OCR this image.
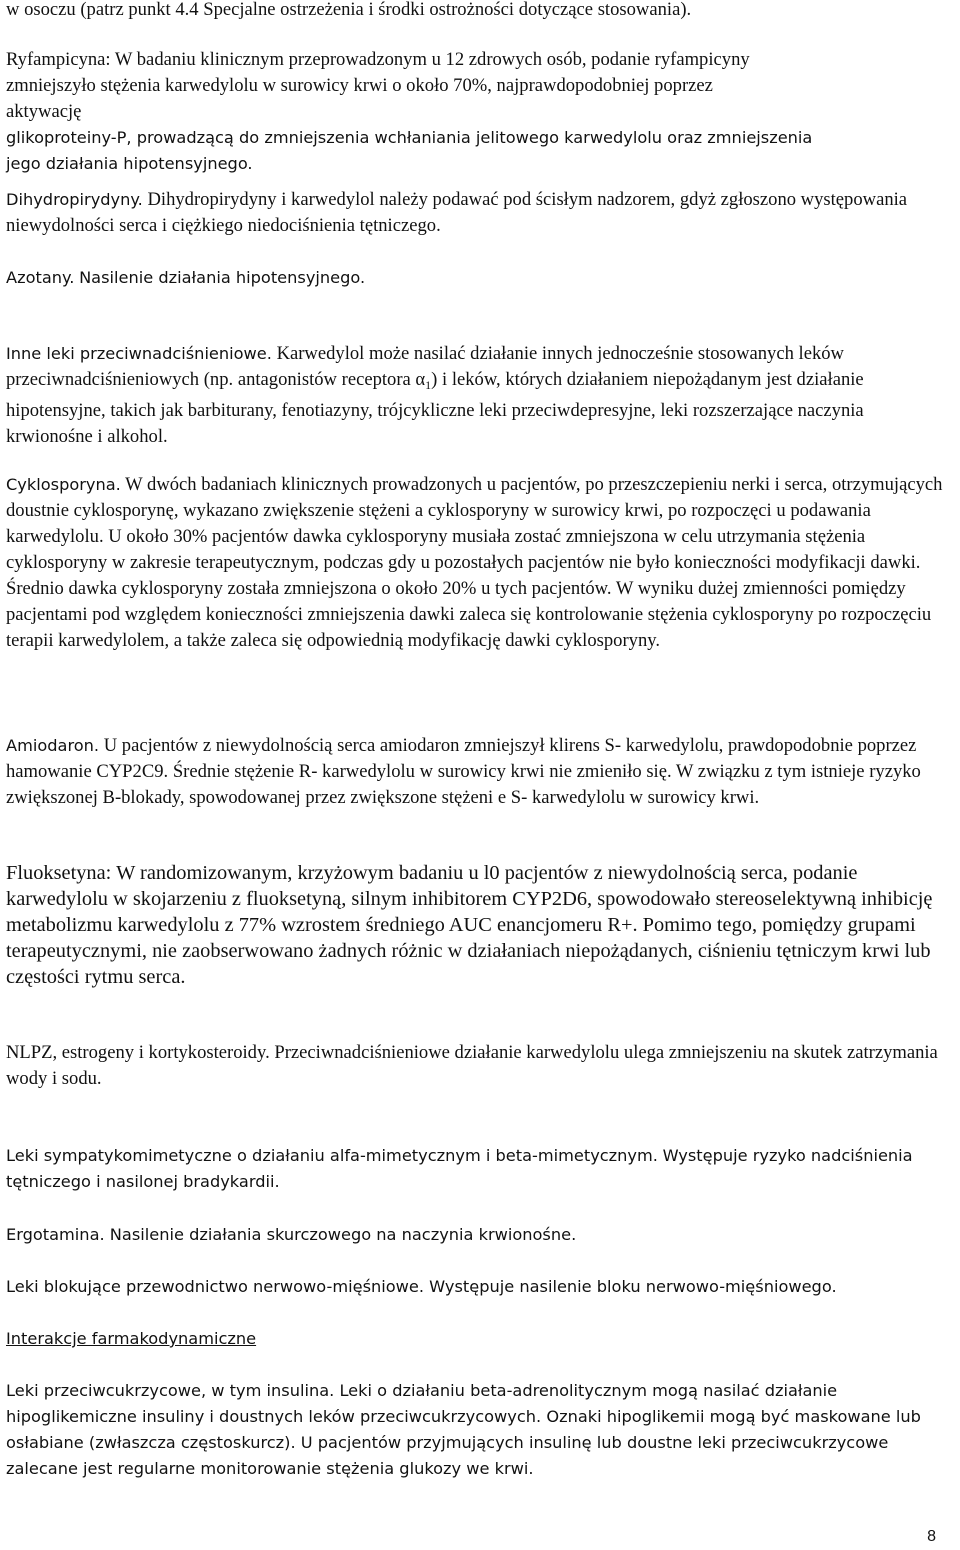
w osoczu (patrz punkt 4.4 Specjalne ostrzeżenia i środki ostrożności dotyczące stosowania).

Ryfampicyna: W badaniu klinicznym przeprowadzonym u 12 zdrowych osób, podanie ryfampicyny

zmniejszyło stężenia karwedylolu w surowicy krwi o około 70%, najprawdopodobniej poprzez

aktywację

glikoproteiny-P, prowadzącą do zmniejszenia wchłaniania jelitowego karwedylolu oraz zmniejszenia

jego działania hipotensyjnego.

Dihydropirydyny. Dihydropirydyny i karwedylol należy podawać pod ścisłym nadzorem, gdyż zgłoszono występowania niewydolności serca i ciężkiego niedociśnienia tętniczego.

Azotany. Nasilenie działania hipotensyjnego.

Inne leki przeciwnadciśnieniowe. Karwedylol może nasilać działanie innych jednocześnie stosowanych leków przeciwnadciśnieniowych (np. antagonistów receptora $\alpha_1$) i leków, których działaniem niepożądanym jest działanie hipotensyjne, takich jak barbiturany, fenotiazyny, trójcykliczne leki przeciwdepresyjne, leki rozszerzające naczynia krwionośne i alkohol.

Cyklosporyna. W dwóch badaniach klinicznych prowadzonych u pacjentów, po przeszczepieniu nerki i serca, otrzymujących doustnie cyklosporynę, wykazano zwiększenie stężeni a cyklosporyny w surowicy krwi, po rozpoczęci u podawania karwedylolu. U około 30% pacjentów dawka cyklosporyny musiała zostać zmniejszona w celu utrzymania stężenia cyklosporyny w zakresie terapeutycznym, podczas gdy u pozostałych pacjentów nie było konieczności modyfikacji dawki. Średnio dawka cyklosporyny została zmniejszona o około 20% u tych pacjentów. W wyniku dużej zmienności pomiędzy pacjentami pod względem konieczności zmniejszenia dawki zaleca się kontrolowanie stężenia cyklosporyny po rozpoczęciu terapii karwedylolem, a także zaleca się odpowiednią modyfikację dawki cyklosporyny.

Amiodaron. U pacjentów z niewydolnością serca amiodaron zmniejszył klirens S- karwedylolu, prawdopodobnie poprzez hamowanie CYP2C9. Średnie stężenie R- karwedylolu w surowicy krwi nie zmieniło się. W związku z tym istnieje ryzyko zwiększonej B-blokady, spowodowanej przez zwiększone stężeni e S- karwedylolu w surowicy krwi.

Fluoksetyna: W randomizowanym, krzyżowym badaniu u l0 pacjentów z niewydolnością serca, podanie karwedylolu w skojarzeniu z fluoksetyną, silnym inhibitorem CYP2D6, spowodowało stereoselektywną inhibicję metabolizmu karwedylolu z 77% wzrostem średniego AUC enancjomeru R+. Pomimo tego, pomiędzy grupami terapeutycznymi, nie zaobserwowano żadnych różnic w działaniach niepożądanych, ciśnieniu tętniczym krwi lub częstości rytmu serca.

NLPZ, estrogeny i kortykosteroidy. Przeciwnadciśnieniowe działanie karwedylolu ulega zmniejszeniu na skutek zatrzymania wody i sodu.

Leki sympatykomimetyczne o działaniu alfa-mimetycznym i beta-mimetycznym. Występuje ryzyko nadciśnienia tętniczego i nasilonej bradykardii.

Ergotamina. Nasilenie działania skurczowego na naczynia krwionośne.

Leki blokujące przewodnictwo nerwowo-mięśniowe. Występuje nasilenie bloku nerwowo-mięśniowego.

Interakcje farmakodynamiczne

Leki przeciwcukrzycowe, w tym insulina. Leki o działaniu beta-adrenolitycznym mogą nasilać działanie hipoglikemiczne insuliny i doustnych leków przeciwcukrzycowych. Oznaki hipoglikemii mogą być maskowane lub osłabiane (zwłaszcza częstoskurcz). U pacjentów przyjmujących insulinę lub doustne leki przeciwcukrzycowe zalecane jest regularne monitorowanie stężenia glukozy we krwi.

8
